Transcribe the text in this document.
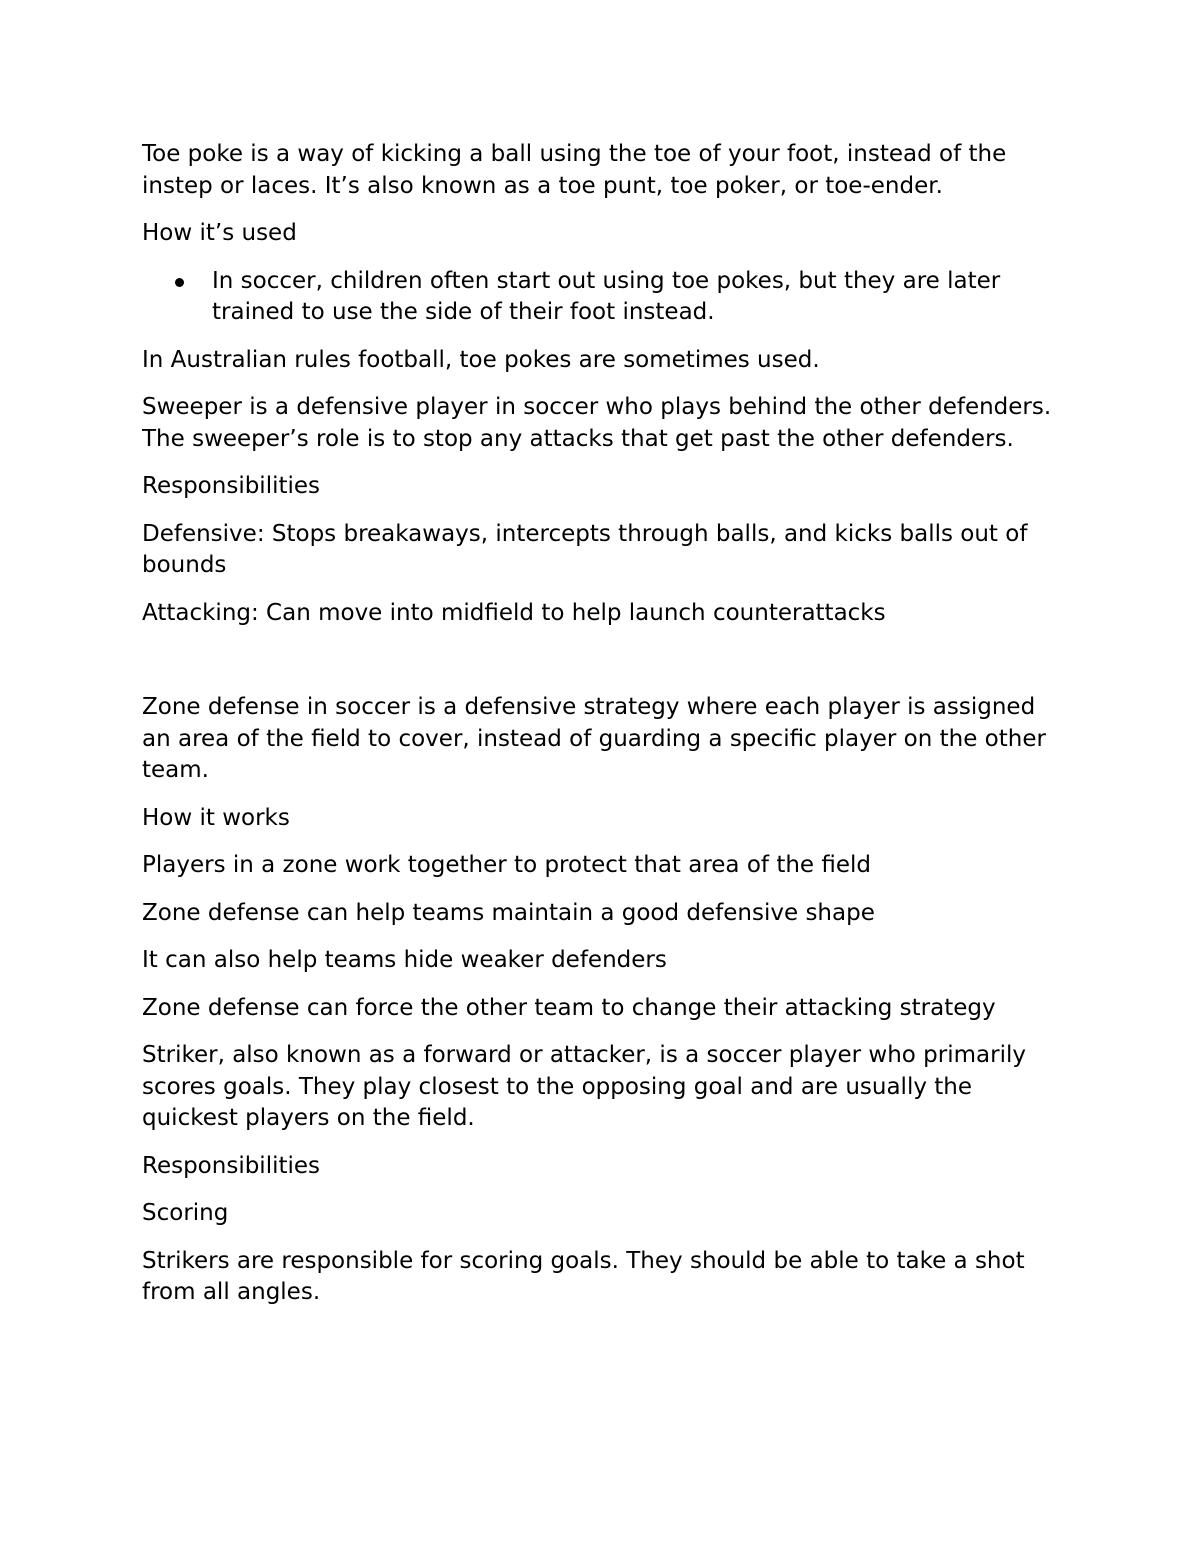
Toe poke is a way of kicking a ball using the toe of your foot, instead of the instep or laces. It’s also known as a toe punt, toe poker, or toe-ender.

How it’s used

In soccer, children often start out using toe pokes, but they are later trained to use the side of their foot instead.

In Australian rules football, toe pokes are sometimes used.

Sweeper is a defensive player in soccer who plays behind the other defenders. The sweeper’s role is to stop any attacks that get past the other defenders.

Responsibilities

Defensive: Stops breakaways, intercepts through balls, and kicks balls out of bounds

Attacking: Can move into midfield to help launch counterattacks

Zone defense in soccer is a defensive strategy where each player is assigned an area of the field to cover, instead of guarding a specific player on the other team.

How it works

Players in a zone work together to protect that area of the field

Zone defense can help teams maintain a good defensive shape

It can also help teams hide weaker defenders

Zone defense can force the other team to change their attacking strategy

Striker, also known as a forward or attacker, is a soccer player who primarily scores goals. They play closest to the opposing goal and are usually the quickest players on the field.

Responsibilities

Scoring

Strikers are responsible for scoring goals. They should be able to take a shot from all angles.
